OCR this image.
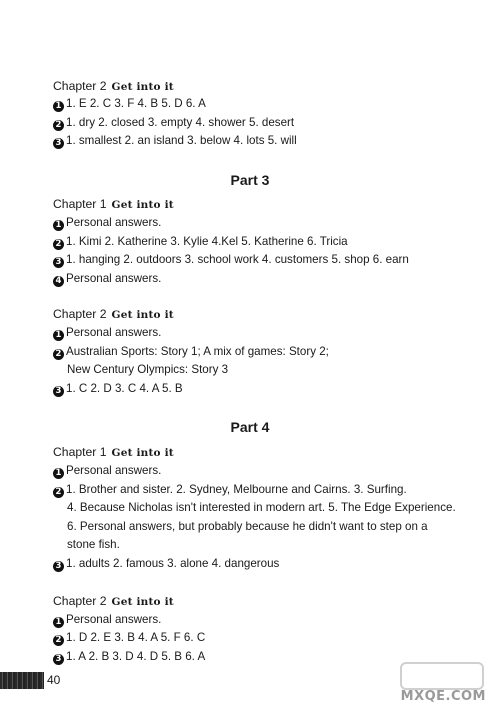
Chapter 2 Get into it
1 1. E 2. C 3. F 4. B 5. D 6. A
2 1. dry 2. closed 3. empty 4. shower 5. desert
3 1. smallest 2. an island 3. below 4. lots 5. will
Part 3
Chapter 1 Get into it
1 Personal answers.
2 1. Kimi 2. Katherine 3. Kylie 4.Kel 5. Katherine 6. Tricia
3 1. hanging 2. outdoors 3. school work 4. customers 5. shop 6. earn
4 Personal answers.
Chapter 2 Get into it
1 Personal answers.
2 Australian Sports: Story 1; A mix of games: Story 2;
New Century Olympics: Story 3
3 1. C 2. D 3. C 4. A 5. B
Part 4
Chapter 1 Get into it
1 Personal answers.
2 1. Brother and sister. 2. Sydney, Melbourne and Cairns. 3. Surfing.
4. Because Nicholas isn't interested in modern art. 5. The Edge Experience.
6. Personal answers, but probably because he didn't want to step on a
stone fish.
3 1. adults 2. famous 3. alone 4. dangerous
Chapter 2 Get into it
1 Personal answers.
2 1. D 2. E 3. B 4. A 5. F 6. C
3 1. A 2. B 3. D 4. D 5. B 6. A
40
MXQE.COM
